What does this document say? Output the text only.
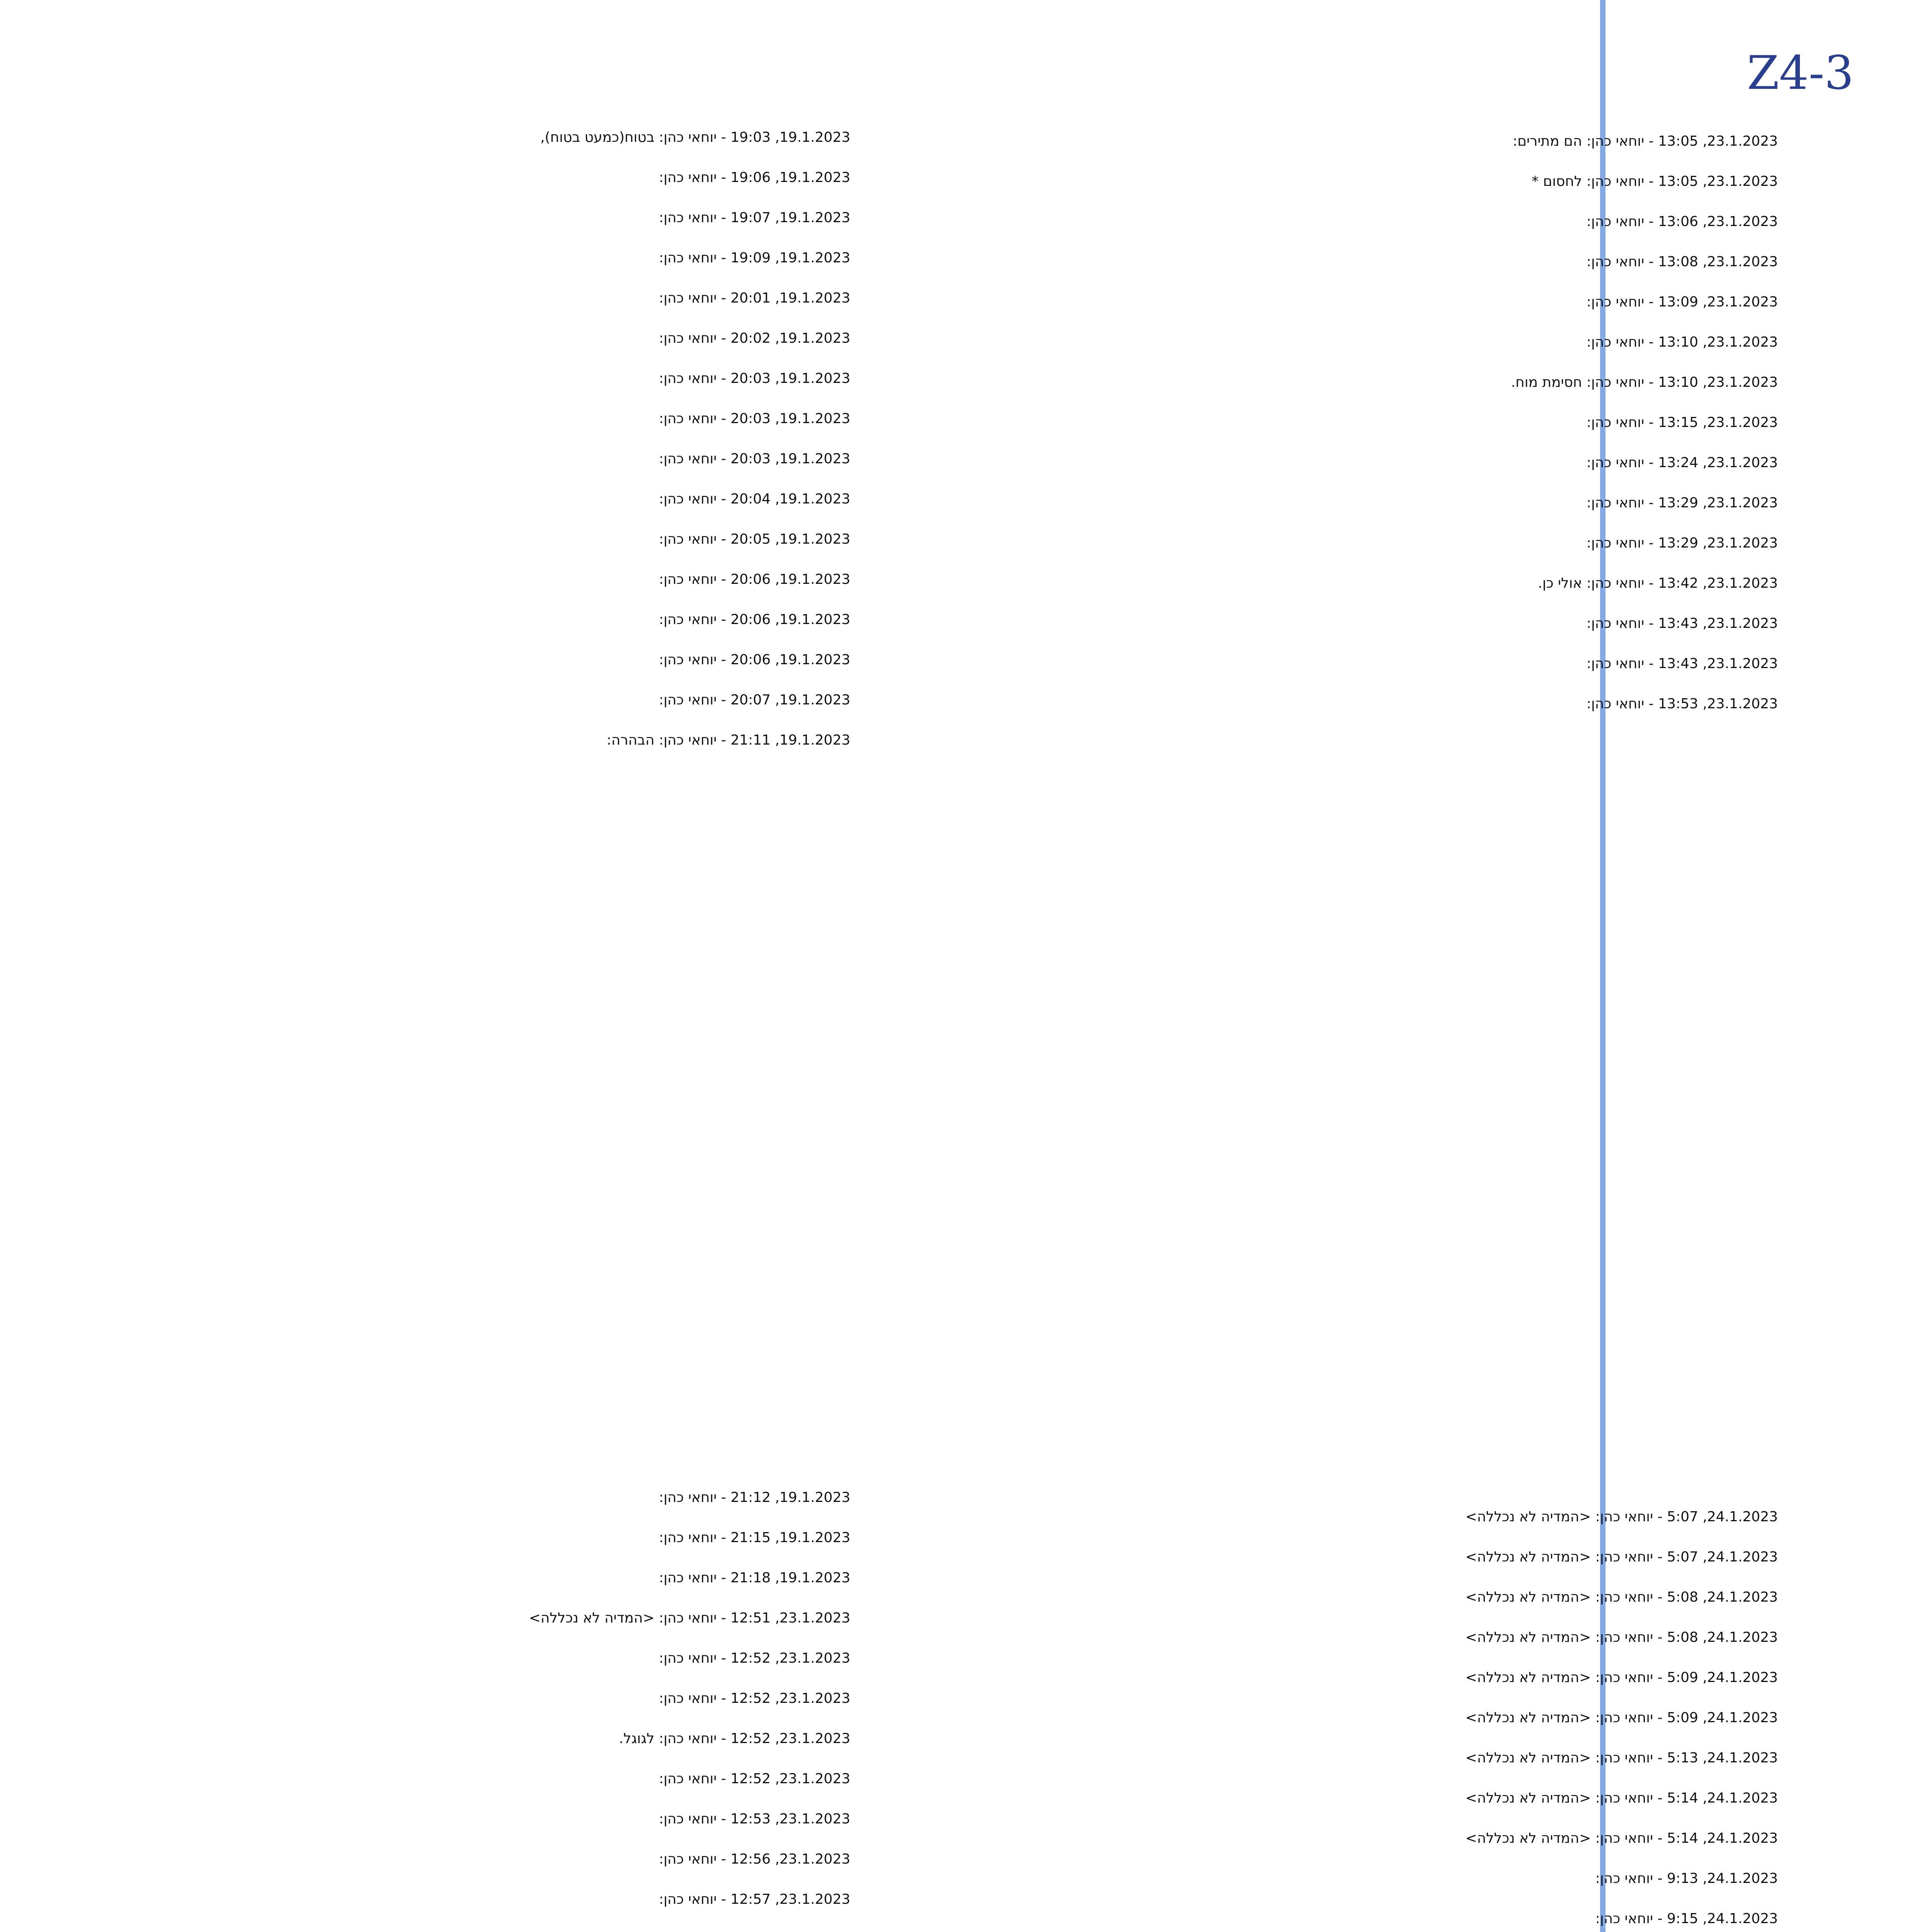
Z4-3

19.1.2023, 19:03 - יוחאי כהן: בטוח(כמעט בטוח),

19.1.2023, 19:06 - יוחאי כהן:

19.1.2023, 19:07 - יוחאי כהן:

19.1.2023, 19:09 - יוחאי כהן:

19.1.2023, 20:01 - יוחאי כהן:

19.1.2023, 20:02 - יוחאי כהן:

19.1.2023, 20:03 - יוחאי כהן:

19.1.2023, 20:03 - יוחאי כהן:

19.1.2023, 20:03 - יוחאי כהן:

19.1.2023, 20:04 - יוחאי כהן:

19.1.2023, 20:05 - יוחאי כהן:

19.1.2023, 20:06 - יוחאי כהן:

19.1.2023, 20:06 - יוחאי כהן:

19.1.2023, 20:06 - יוחאי כהן:

19.1.2023, 20:07 - יוחאי כהן:

19.1.2023, 21:11 - יוחאי כהן: הבהרה:

23.1.2023, 13:05 - יוחאי כהן: הם מתירים:

23.1.2023, 13:05 - יוחאי כהן: לחסום *

23.1.2023, 13:06 - יוחאי כהן:

23.1.2023, 13:08 - יוחאי כהן:

23.1.2023, 13:09 - יוחאי כהן:

23.1.2023, 13:10 - יוחאי כהן:

23.1.2023, 13:10 - יוחאי כהן: חסימת מוח.

23.1.2023, 13:15 - יוחאי כהן:

23.1.2023, 13:24 - יוחאי כהן:

23.1.2023, 13:29 - יוחאי כהן:

23.1.2023, 13:29 - יוחאי כהן:

23.1.2023, 13:42 - יוחאי כהן: אולי כן.

23.1.2023, 13:43 - יוחאי כהן:

23.1.2023, 13:43 - יוחאי כהן:

23.1.2023, 13:53 - יוחאי כהן:

19.1.2023, 21:12 - יוחאי כהן:

19.1.2023, 21:15 - יוחאי כהן:

19.1.2023, 21:18 - יוחאי כהן:

23.1.2023, 12:51 - יוחאי כהן: <המדיה לא נכללה>

23.1.2023, 12:52 - יוחאי כהן:

23.1.2023, 12:52 - יוחאי כהן:

23.1.2023, 12:52 - יוחאי כהן: לגוגל.

23.1.2023, 12:52 - יוחאי כהן:

23.1.2023, 12:53 - יוחאי כהן:

23.1.2023, 12:56 - יוחאי כהן:

23.1.2023, 12:57 - יוחאי כהן:

24.1.2023, 5:07 - יוחאי כהן: <המדיה לא נכללה>

24.1.2023, 5:07 - יוחאי כהן: <המדיה לא נכללה>

24.1.2023, 5:08 - יוחאי כהן: <המדיה לא נכללה>

24.1.2023, 5:08 - יוחאי כהן: <המדיה לא נכללה>

24.1.2023, 5:09 - יוחאי כהן: <המדיה לא נכללה>

24.1.2023, 5:09 - יוחאי כהן: <המדיה לא נכללה>

24.1.2023, 5:13 - יוחאי כהן: <המדיה לא נכללה>

24.1.2023, 5:14 - יוחאי כהן: <המדיה לא נכללה>

24.1.2023, 5:14 - יוחאי כהן: <המדיה לא נכללה>

24.1.2023, 9:13 - יוחאי כהן:

24.1.2023, 9:15 - יוחאי כהן:
